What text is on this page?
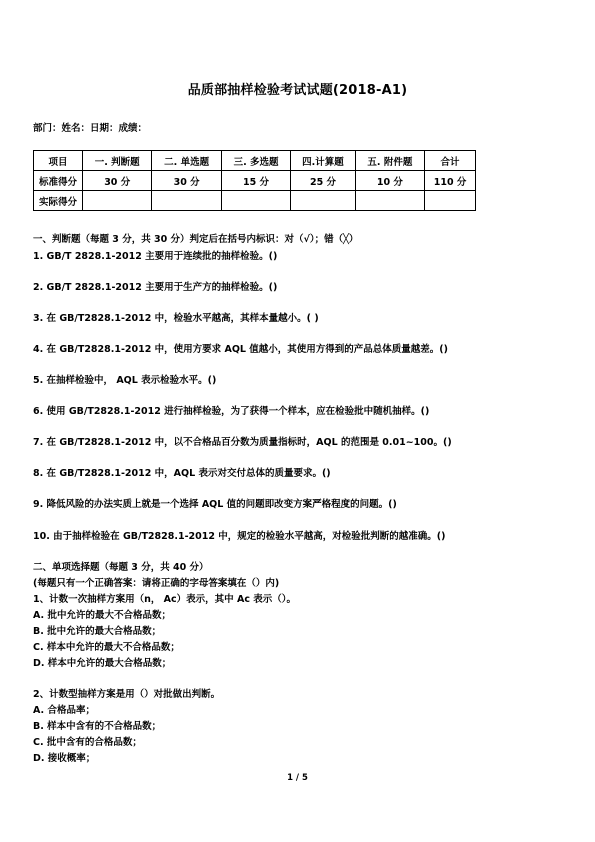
品质部抽样检验考试试题(2018-A1)
部门：姓名：日期：成绩：
项目	一. 判断题	二. 单选题	三. 多选题	四.计算题	五. 附件题	合计
标准得分	30 分	30 分	15 分	25 分	10 分	110 分
实际得分						
一、判断题（每题 3 分，共 30 分）判定后在括号内标识：对（√）；错（╳）
1. GB/T 2828.1-2012 主要用于连续批的抽样检验。()
2. GB/T 2828.1-2012 主要用于生产方的抽样检验。()
3. 在 GB/T2828.1-2012 中，检验水平越高，其样本量越小。( )
4. 在 GB/T2828.1-2012 中，使用方要求 AQL 值越小，其使用方得到的产品总体质量越差。()
5. 在抽样检验中， AQL 表示检验水平。()
6. 使用 GB/T2828.1-2012 进行抽样检验，为了获得一个样本，应在检验批中随机抽样。()
7. 在 GB/T2828.1-2012 中，以不合格品百分数为质量指标时，AQL 的范围是 0.01~100。()
8. 在 GB/T2828.1-2012 中，AQL 表示对交付总体的质量要求。()
9. 降低风险的办法实质上就是一个选择 AQL 值的问题即改变方案严格程度的问题。()
10. 由于抽样检验在 GB/T2828.1-2012 中，规定的检验水平越高，对检验批判断的越准确。()
二、单项选择题（每题 3 分，共 40 分）
(每题只有一个正确答案：请将正确的字母答案填在（）内)
1、计数一次抽样方案用（n， Ac）表示，其中 Ac 表示（）。
A. 批中允许的最大不合格品数；
B. 批中允许的最大合格品数；
C. 样本中允许的最大不合格品数；
D. 样本中允许的最大合格品数；
2、计数型抽样方案是用（）对批做出判断。
A. 合格品率；
B. 样本中含有的不合格品数；
C. 批中含有的合格品数；
D. 接收概率；
1 / 5
